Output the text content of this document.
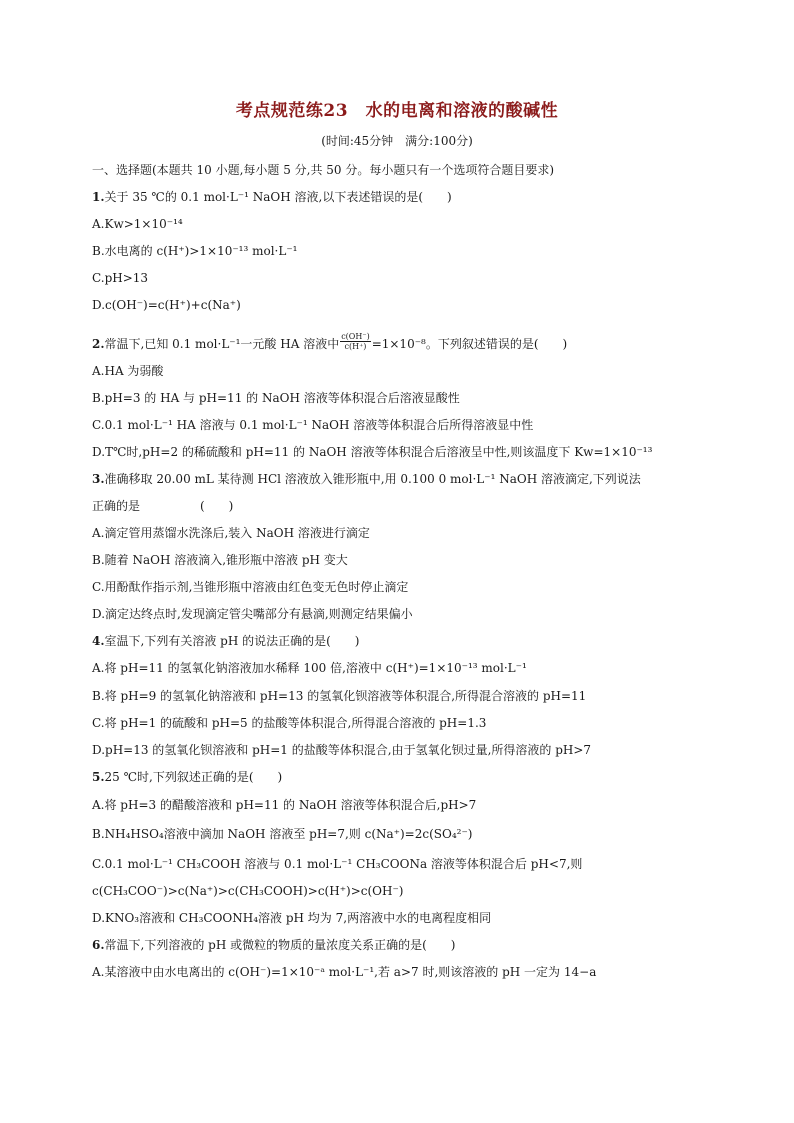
考点规范练23　水的电离和溶液的酸碱性
(时间:45分钟　满分:100分)
一、选择题(本题共 10 小题,每小题 5 分,共 50 分。每小题只有一个选项符合题目要求)
1.关于 35 ℃的 0.1 mol·L⁻¹ NaOH 溶液,以下表述错误的是(　　)
A.Kw>1×10⁻¹⁴
B.水电离的 c(H⁺)>1×10⁻¹³ mol·L⁻¹
C.pH>13
D.c(OH⁻)=c(H⁺)+c(Na⁺)
2.常温下,已知 0.1 mol·L⁻¹一元酸 HA 溶液中 $\frac{c(OH^-)}{c(H^+)} =1\times 10^{-8}$。下列叙述错误的是(　　)
A.HA 为弱酸
B.pH=3 的 HA 与 pH=11 的 NaOH 溶液等体积混合后溶液显酸性
C.0.1 mol·L⁻¹ HA 溶液与 0.1 mol·L⁻¹ NaOH 溶液等体积混合后所得溶液显中性
D.T℃时,pH=2 的稀硫酸和 pH=11 的 NaOH 溶液等体积混合后溶液呈中性,则该温度下 Kw=1×10⁻¹³
3.准确移取 20.00 mL 某待测 HCl 溶液放入锥形瓶中,用 0.100 0 mol·L⁻¹ NaOH 溶液滴定,下列说法
正确的是　　　　　(　　)
A.滴定管用蒸馏水洗涤后,装入 NaOH 溶液进行滴定
B.随着 NaOH 溶液滴入,锥形瓶中溶液 pH 变大
C.用酚酞作指示剂,当锥形瓶中溶液由红色变无色时停止滴定
D.滴定达终点时,发现滴定管尖嘴部分有悬滴,则测定结果偏小
4.室温下,下列有关溶液 pH 的说法正确的是(　　)
A.将 pH=11 的氢氧化钠溶液加水稀释 100 倍,溶液中 c(H⁺)=1×10⁻¹³ mol·L⁻¹
B.将 pH=9 的氢氧化钠溶液和 pH=13 的氢氧化钡溶液等体积混合,所得混合溶液的 pH=11
C.将 pH=1 的硫酸和 pH=5 的盐酸等体积混合,所得混合溶液的 pH=1.3
D.pH=13 的氢氧化钡溶液和 pH=1 的盐酸等体积混合,由于氢氧化钡过量,所得溶液的 pH>7
5.25 ℃时,下列叙述正确的是(　　)
A.将 pH=3 的醋酸溶液和 pH=11 的 NaOH 溶液等体积混合后,pH>7
B.NH₄HSO₄溶液中滴加 NaOH 溶液至 pH=7,则 c(Na⁺)=2c(SO₄²⁻)
C.0.1 mol·L⁻¹ CH₃COOH 溶液与 0.1 mol·L⁻¹ CH₃COONa 溶液等体积混合后 pH<7,则
c(CH₃COO⁻)>c(Na⁺)>c(CH₃COOH)>c(H⁺)>c(OH⁻)
D.KNO₃溶液和 CH₃COONH₄溶液 pH 均为 7,两溶液中水的电离程度相同
6.常温下,下列溶液的 pH 或微粒的物质的量浓度关系正确的是(　　)
A.某溶液中由水电离出的 c(OH⁻)=1×10⁻ᵃ mol·L⁻¹,若 a>7 时,则该溶液的 pH 一定为 14−a
